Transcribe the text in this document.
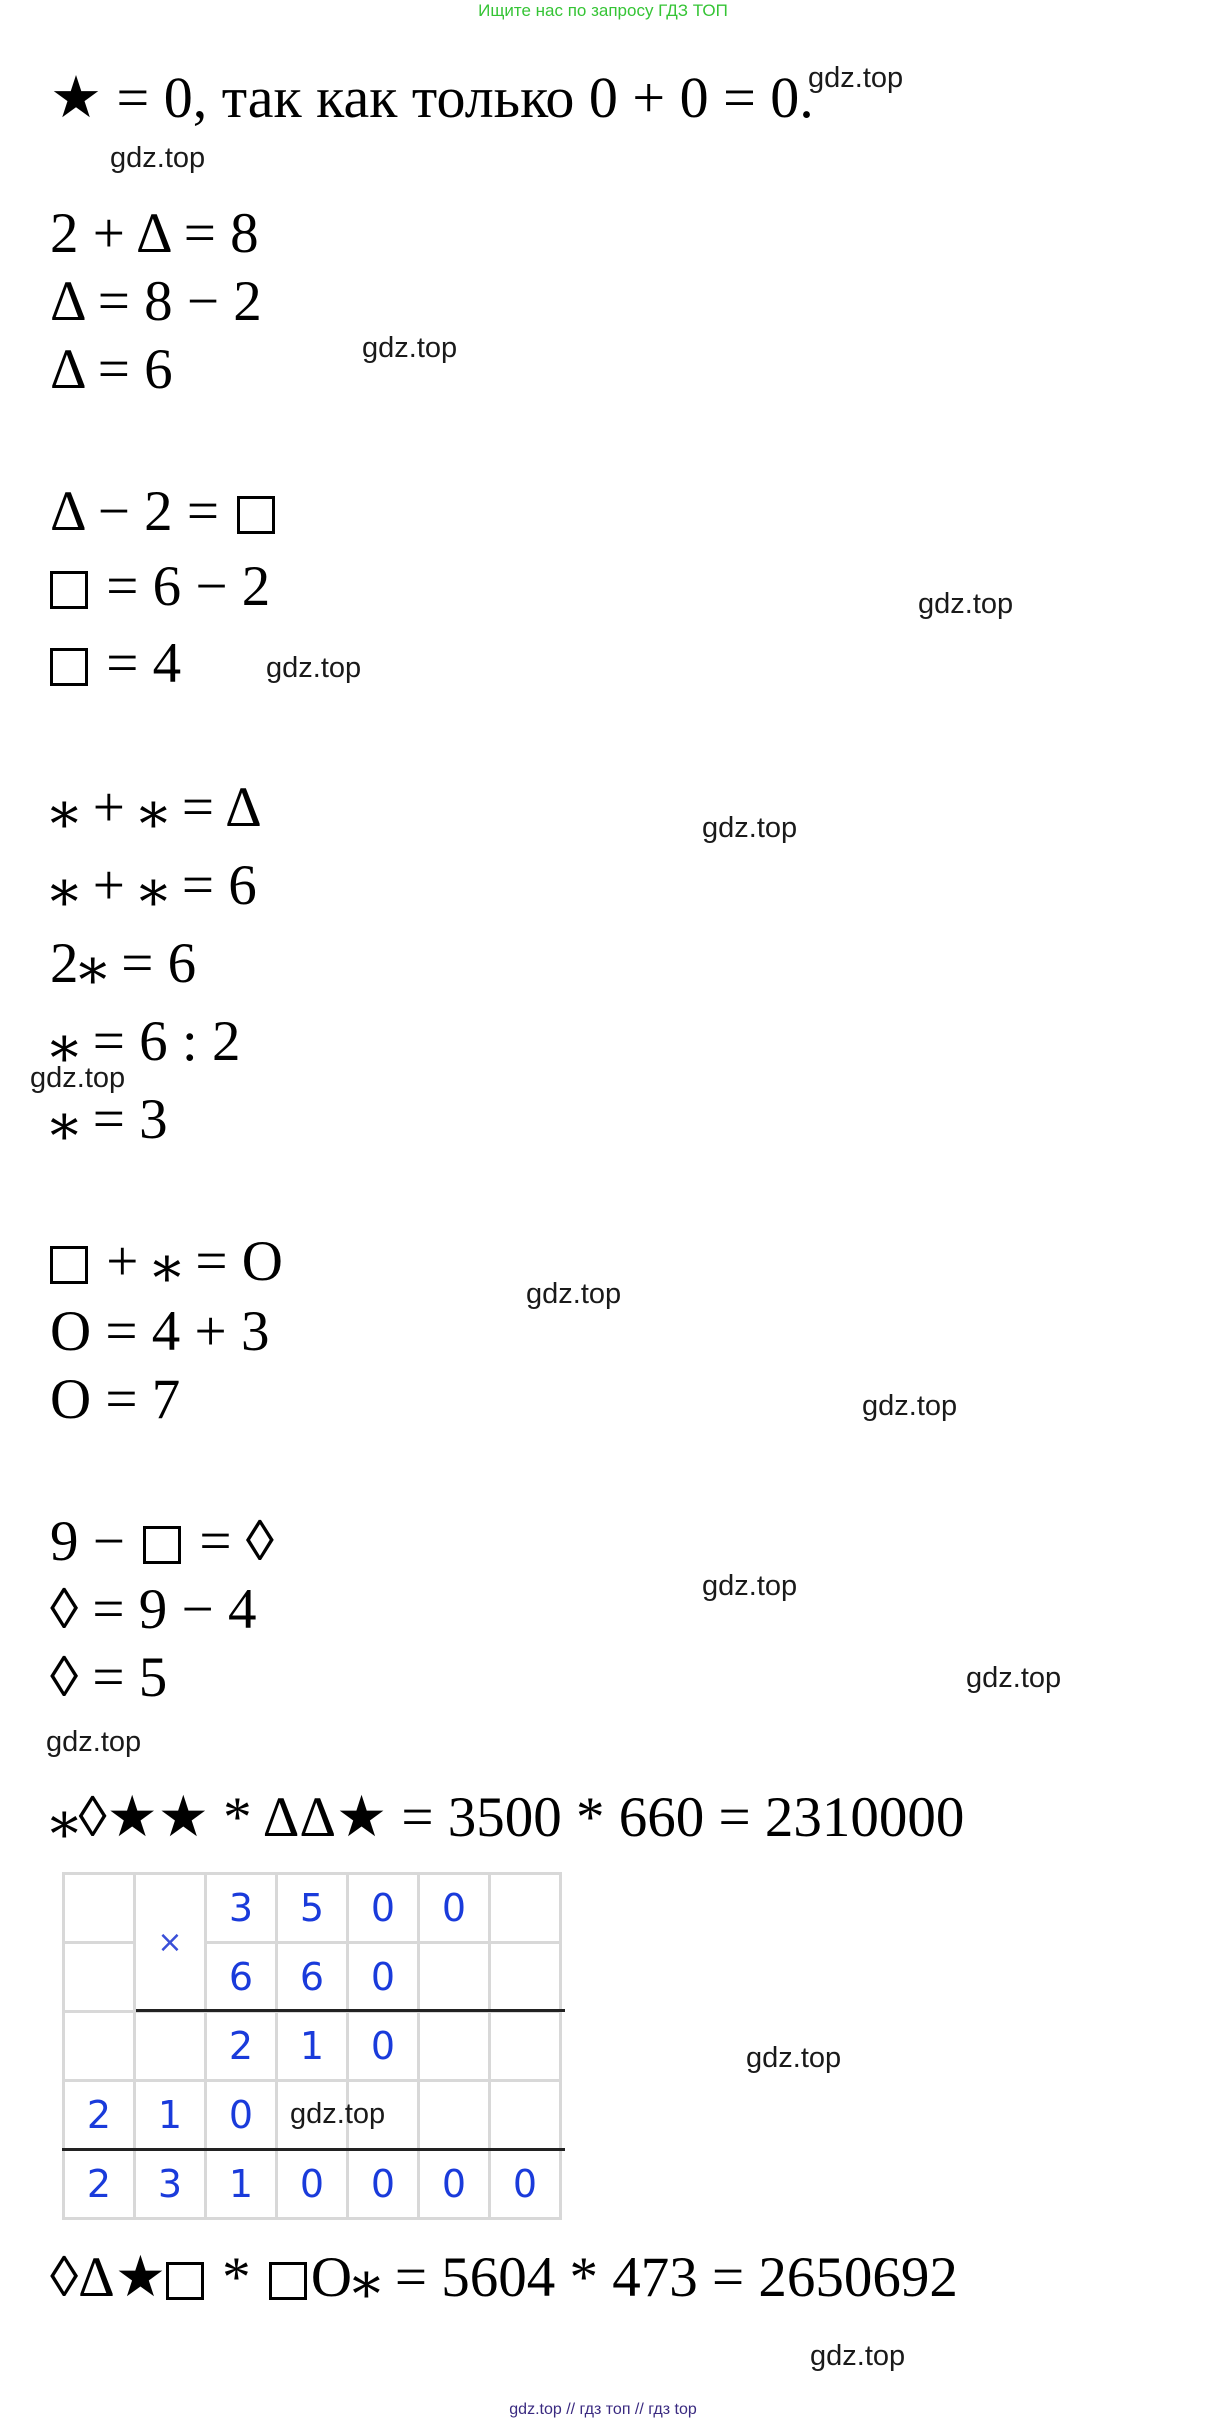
Ищите нас по запросу ГДЗ ТОП
★ = 0, так как только 0 + 0 = 0.
2 + Δ = 8
Δ = 8 − 2
Δ = 6
Δ − 2 =
= 6 − 2
= 4
⁎ + ⁎ = Δ
⁎ + ⁎ = 6
2⁎ = 6
⁎ = 6 : 2
⁎ = 3
+ ⁎ = O
O = 4 + 3
O = 7
9 −  = ◊
◊ = 9 − 4
◊ = 5
⁎◊★★ * ΔΔ★ = 3500 * 660 = 2310000
	×	3	5	0	0	
		6	6	0		
		2	1	0		
2	1	0				
2	3	1	0	0	0	0
◊Δ★ * O⁎ = 5604 * 473 = 2650692
gdz.top
gdz.top
gdz.top
gdz.top
gdz.top
gdz.top
gdz.top
gdz.top
gdz.top
gdz.top
gdz.top
gdz.top
gdz.top
gdz.top
gdz.top
gdz.top // гдз топ // гдз top
